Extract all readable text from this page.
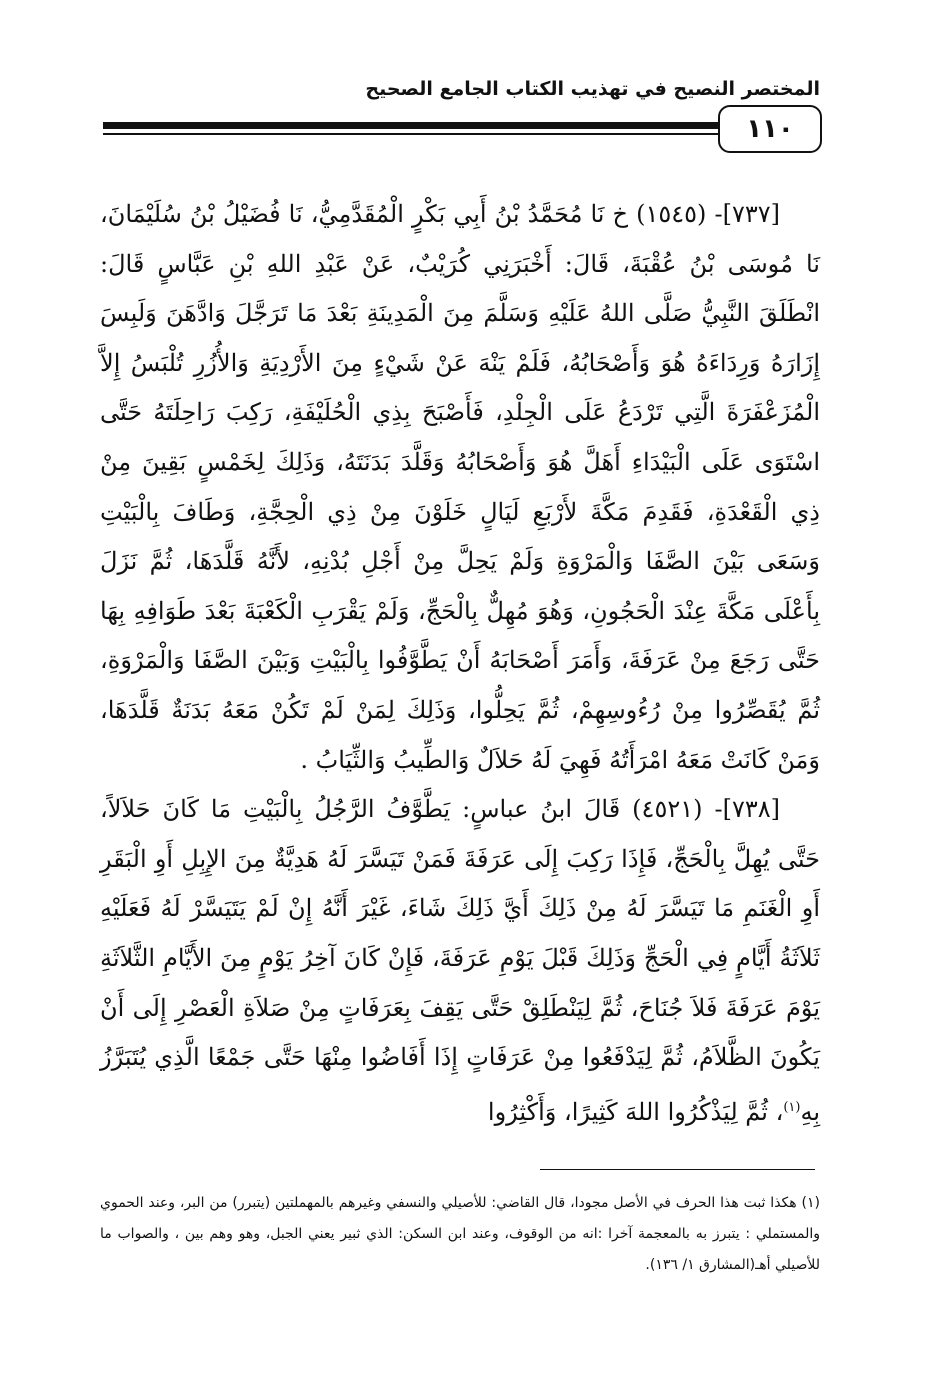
المختصر النصيح في تهذيب الكتاب الجامع الصحيح
١١٠

[٧٣٧]- (١٥٤٥) خ نَا مُحَمَّدُ بْنُ أَبِي بَكْرٍ الْمُقَدَّمِيُّ، نَا فُضَيْلُ بْنُ سُلَيْمَانَ، نَا مُوسَى بْنُ عُقْبَةَ، قَالَ: أَخْبَرَنِي كُرَيْبٌ، عَنْ عَبْدِ اللهِ بْنِ عَبَّاسٍ قَالَ: انْطَلَقَ النَّبِيُّ صَلَّى اللهُ عَلَيْهِ وَسَلَّمَ مِنَ الْمَدِينَةِ بَعْدَ مَا تَرَجَّلَ وَادَّهَنَ وَلَبِسَ إِزَارَهُ وَرِدَاءَهُ هُوَ وَأَصْحَابُهُ، فَلَمْ يَنْهَ عَنْ شَيْءٍ مِنَ الأَرْدِيَةِ وَالأُزُرِ تُلْبَسُ إِلاَّ الْمُزَعْفَرَةَ الَّتِي تَرْدَعُ عَلَى الْجِلْدِ، فَأَصْبَحَ بِذِي الْحُلَيْفَةِ، رَكِبَ رَاحِلَتَهُ حَتَّى اسْتَوَى عَلَى الْبَيْدَاءِ أَهَلَّ هُوَ وَأَصْحَابُهُ وَقَلَّدَ بَدَنَتَهُ، وَذَلِكَ لِخَمْسٍ بَقِينَ مِنْ ذِي الْقَعْدَةِ، فَقَدِمَ مَكَّةَ لأَرْبَعِ لَيَالٍ خَلَوْنَ مِنْ ذِي الْحِجَّةِ، وَطَافَ بِالْبَيْتِ وَسَعَى بَيْنَ الصَّفَا وَالْمَرْوَةِ وَلَمْ يَحِلَّ مِنْ أَجْلِ بُدْنِهِ، لأَنَّهُ قَلَّدَهَا، ثُمَّ نَزَلَ بِأَعْلَى مَكَّةَ عِنْدَ الْحَجُونِ، وَهُوَ مُهِلٌّ بِالْحَجِّ، وَلَمْ يَقْرَبِ الْكَعْبَةَ بَعْدَ طَوَافِهِ بِهَا حَتَّى رَجَعَ مِنْ عَرَفَةَ، وَأَمَرَ أَصْحَابَهُ أَنْ يَطَّوَّفُوا بِالْبَيْتِ وَبَيْنَ الصَّفَا وَالْمَرْوَةِ، ثُمَّ يُقَصِّرُوا مِنْ رُءُوسِهِمْ، ثُمَّ يَحِلُّوا، وَذَلِكَ لِمَنْ لَمْ تَكُنْ مَعَهُ بَدَنَةٌ قَلَّدَهَا، وَمَنْ كَانَتْ مَعَهُ امْرَأَتُهُ فَهِيَ لَهُ حَلاَلٌ وَالطِّيبُ وَالثِّيَابُ .

[٧٣٨]- (٤٥٢١) قَالَ ابنُ عباسٍ: يَطَّوَّفُ الرَّجُلُ بِالْبَيْتِ مَا كَانَ حَلاَلاً، حَتَّى يُهِلَّ بِالْحَجِّ، فَإِذَا رَكِبَ إِلَى عَرَفَةَ فَمَنْ تَيَسَّرَ لَهُ هَدِيَّةٌ مِنَ الإِبِلِ أَوِ الْبَقَرِ أَوِ الْغَنَمِ مَا تَيَسَّرَ لَهُ مِنْ ذَلِكَ أَيَّ ذَلِكَ شَاءَ، غَيْرَ أَنَّهُ إِنْ لَمْ يَتَيَسَّرْ لَهُ فَعَلَيْهِ ثَلاَثَةُ أَيَّامٍ فِي الْحَجِّ وَذَلِكَ قَبْلَ يَوْمِ عَرَفَةَ، فَإِنْ كَانَ آخِرُ يَوْمٍ مِنَ الأَيَّامِ الثَّلاَثَةِ يَوْمَ عَرَفَةَ فَلاَ جُنَاحَ، ثُمَّ لِيَنْطَلِقْ حَتَّى يَقِفَ بِعَرَفَاتٍ مِنْ صَلاَةِ الْعَصْرِ إِلَى أَنْ يَكُونَ الظَّلاَمُ، ثُمَّ لِيَدْفَعُوا مِنْ عَرَفَاتٍ إِذَا أَفَاضُوا مِنْهَا حَتَّى جَمْعًا الَّذِي يُتَبَرَّزُ بِهِ$^{(١)}$، ثُمَّ لِيَذْكُرُوا اللهَ كَثِيرًا، وَأَكْثِرُوا

(١) هكذا ثبت هذا الحرف في الأصل مجودا، قال القاضي: للأصيلي والنسفي وغيرهم بالمهملتين (يتبرر) من البر، وعند الحموي والمستملي : يتبرز به بالمعجمة آخرا :انه من الوقوف، وعند ابن السكن: الذي ثبير يعني الجبل، وهو وهم بين ، والصواب ما للأصيلي أهـ(المشارق ١/ ١٣٦).
